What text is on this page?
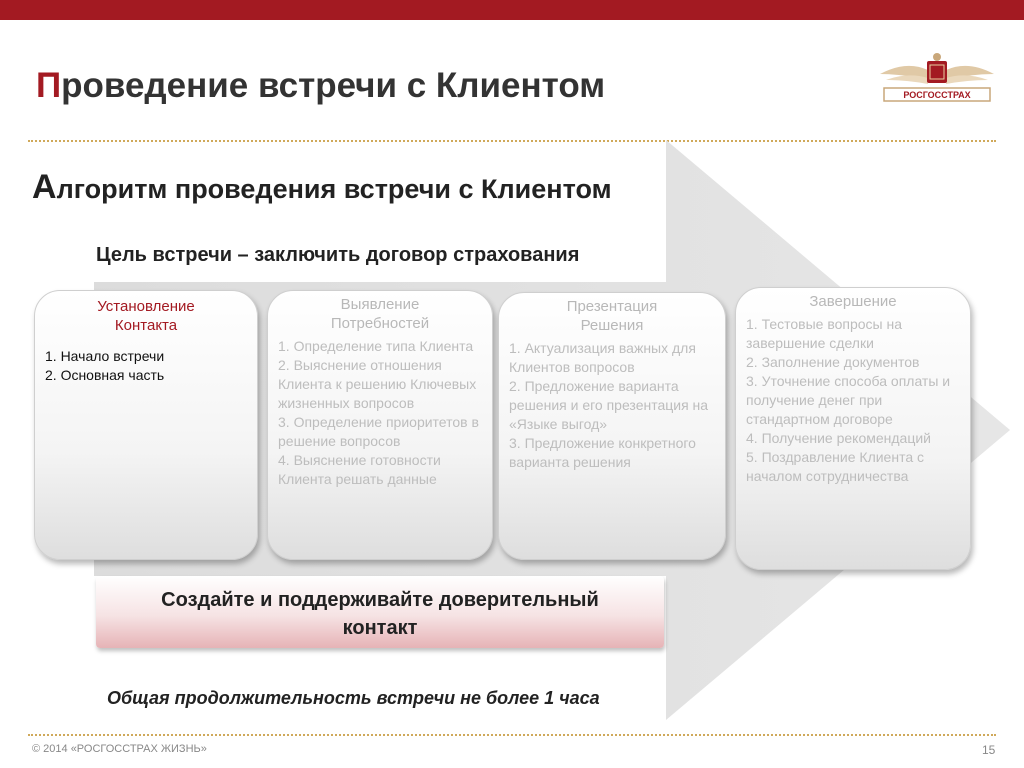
Проведение встречи с Клиентом	РОСГОССТРАХ
Алгоритм проведения встречи с Клиентом
Цель встречи – заключить договор страхования
Установление
Контакта
1. Начало встречи
2. Основная часть
Выявление
Потребностей
1. Определение типа Клиента
2. Выяснение отношения Клиента к решению Ключевых жизненных вопросов
3. Определение приоритетов в решение вопросов
4. Выяснение готовности Клиента решать данные
Презентация
Решения
1. Актуализация важных для Клиентов вопросов
2. Предложение варианта решения и его презентация на «Языке выгод»
3. Предложение конкретного варианта решения
Завершение
1. Тестовые вопросы на завершение сделки
2. Заполнение документов
3. Уточнение способа оплаты и получение денег при стандартном договоре
4. Получение рекомендаций
5. Поздравление Клиента с началом сотрудничества
Создайте и поддерживайте доверительный
контакт
Общая продолжительность встречи не более 1 часа
© 2014 «РОСГОССТРАХ ЖИЗНЬ»	15
